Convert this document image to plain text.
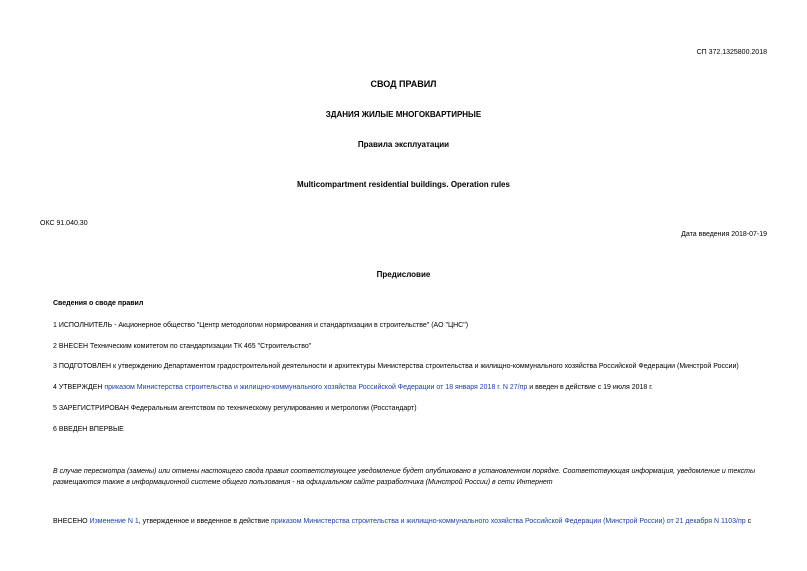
СП 372.1325800.2018
СВОД ПРАВИЛ
ЗДАНИЯ ЖИЛЫЕ МНОГОКВАРТИРНЫЕ
Правила эксплуатации
Multicompartment residential buildings. Operation rules
ОКС 91.040.30
Дата введения 2018-07-19
Предисловие
Сведения о своде правил
1 ИСПОЛНИТЕЛЬ - Акционерное общество "Центр методологии нормирования и стандартизации в строительстве" (АО "ЦНС")
2 ВНЕСЕН Техническим комитетом по стандартизации ТК 465 "Строительство"
3 ПОДГОТОВЛЕН к утверждению Департаментом градостроительной деятельности и архитектуры Министерства строительства и жилищно-коммунального хозяйства Российской Федерации (Минстрой России)
4 УТВЕРЖДЕН приказом Министерства строительства и жилищно-коммунального хозяйства Российской Федерации от 18 января 2018 г. N 27/пр и введен в действие с 19 июля 2018 г.
5 ЗАРЕГИСТРИРОВАН Федеральным агентством по техническому регулированию и метрологии (Росстандарт)
6 ВВЕДЕН ВПЕРВЫЕ
В случае пересмотра (замены) или отмены настоящего свода правил соответствующее уведомление будет опубликовано в установленном порядке. Соответствующая информация, уведомление и тексты размещаются также в информационной системе общего пользования - на официальном сайте разработчика (Минстрой России) в сети Интернет
ВНЕСЕНО Изменение N 1, утвержденное и введенное в действие приказом Министерства строительства и жилищно-коммунального хозяйства Российской Федерации (Минстрой России) от 21 декабря N 1103/пр с
